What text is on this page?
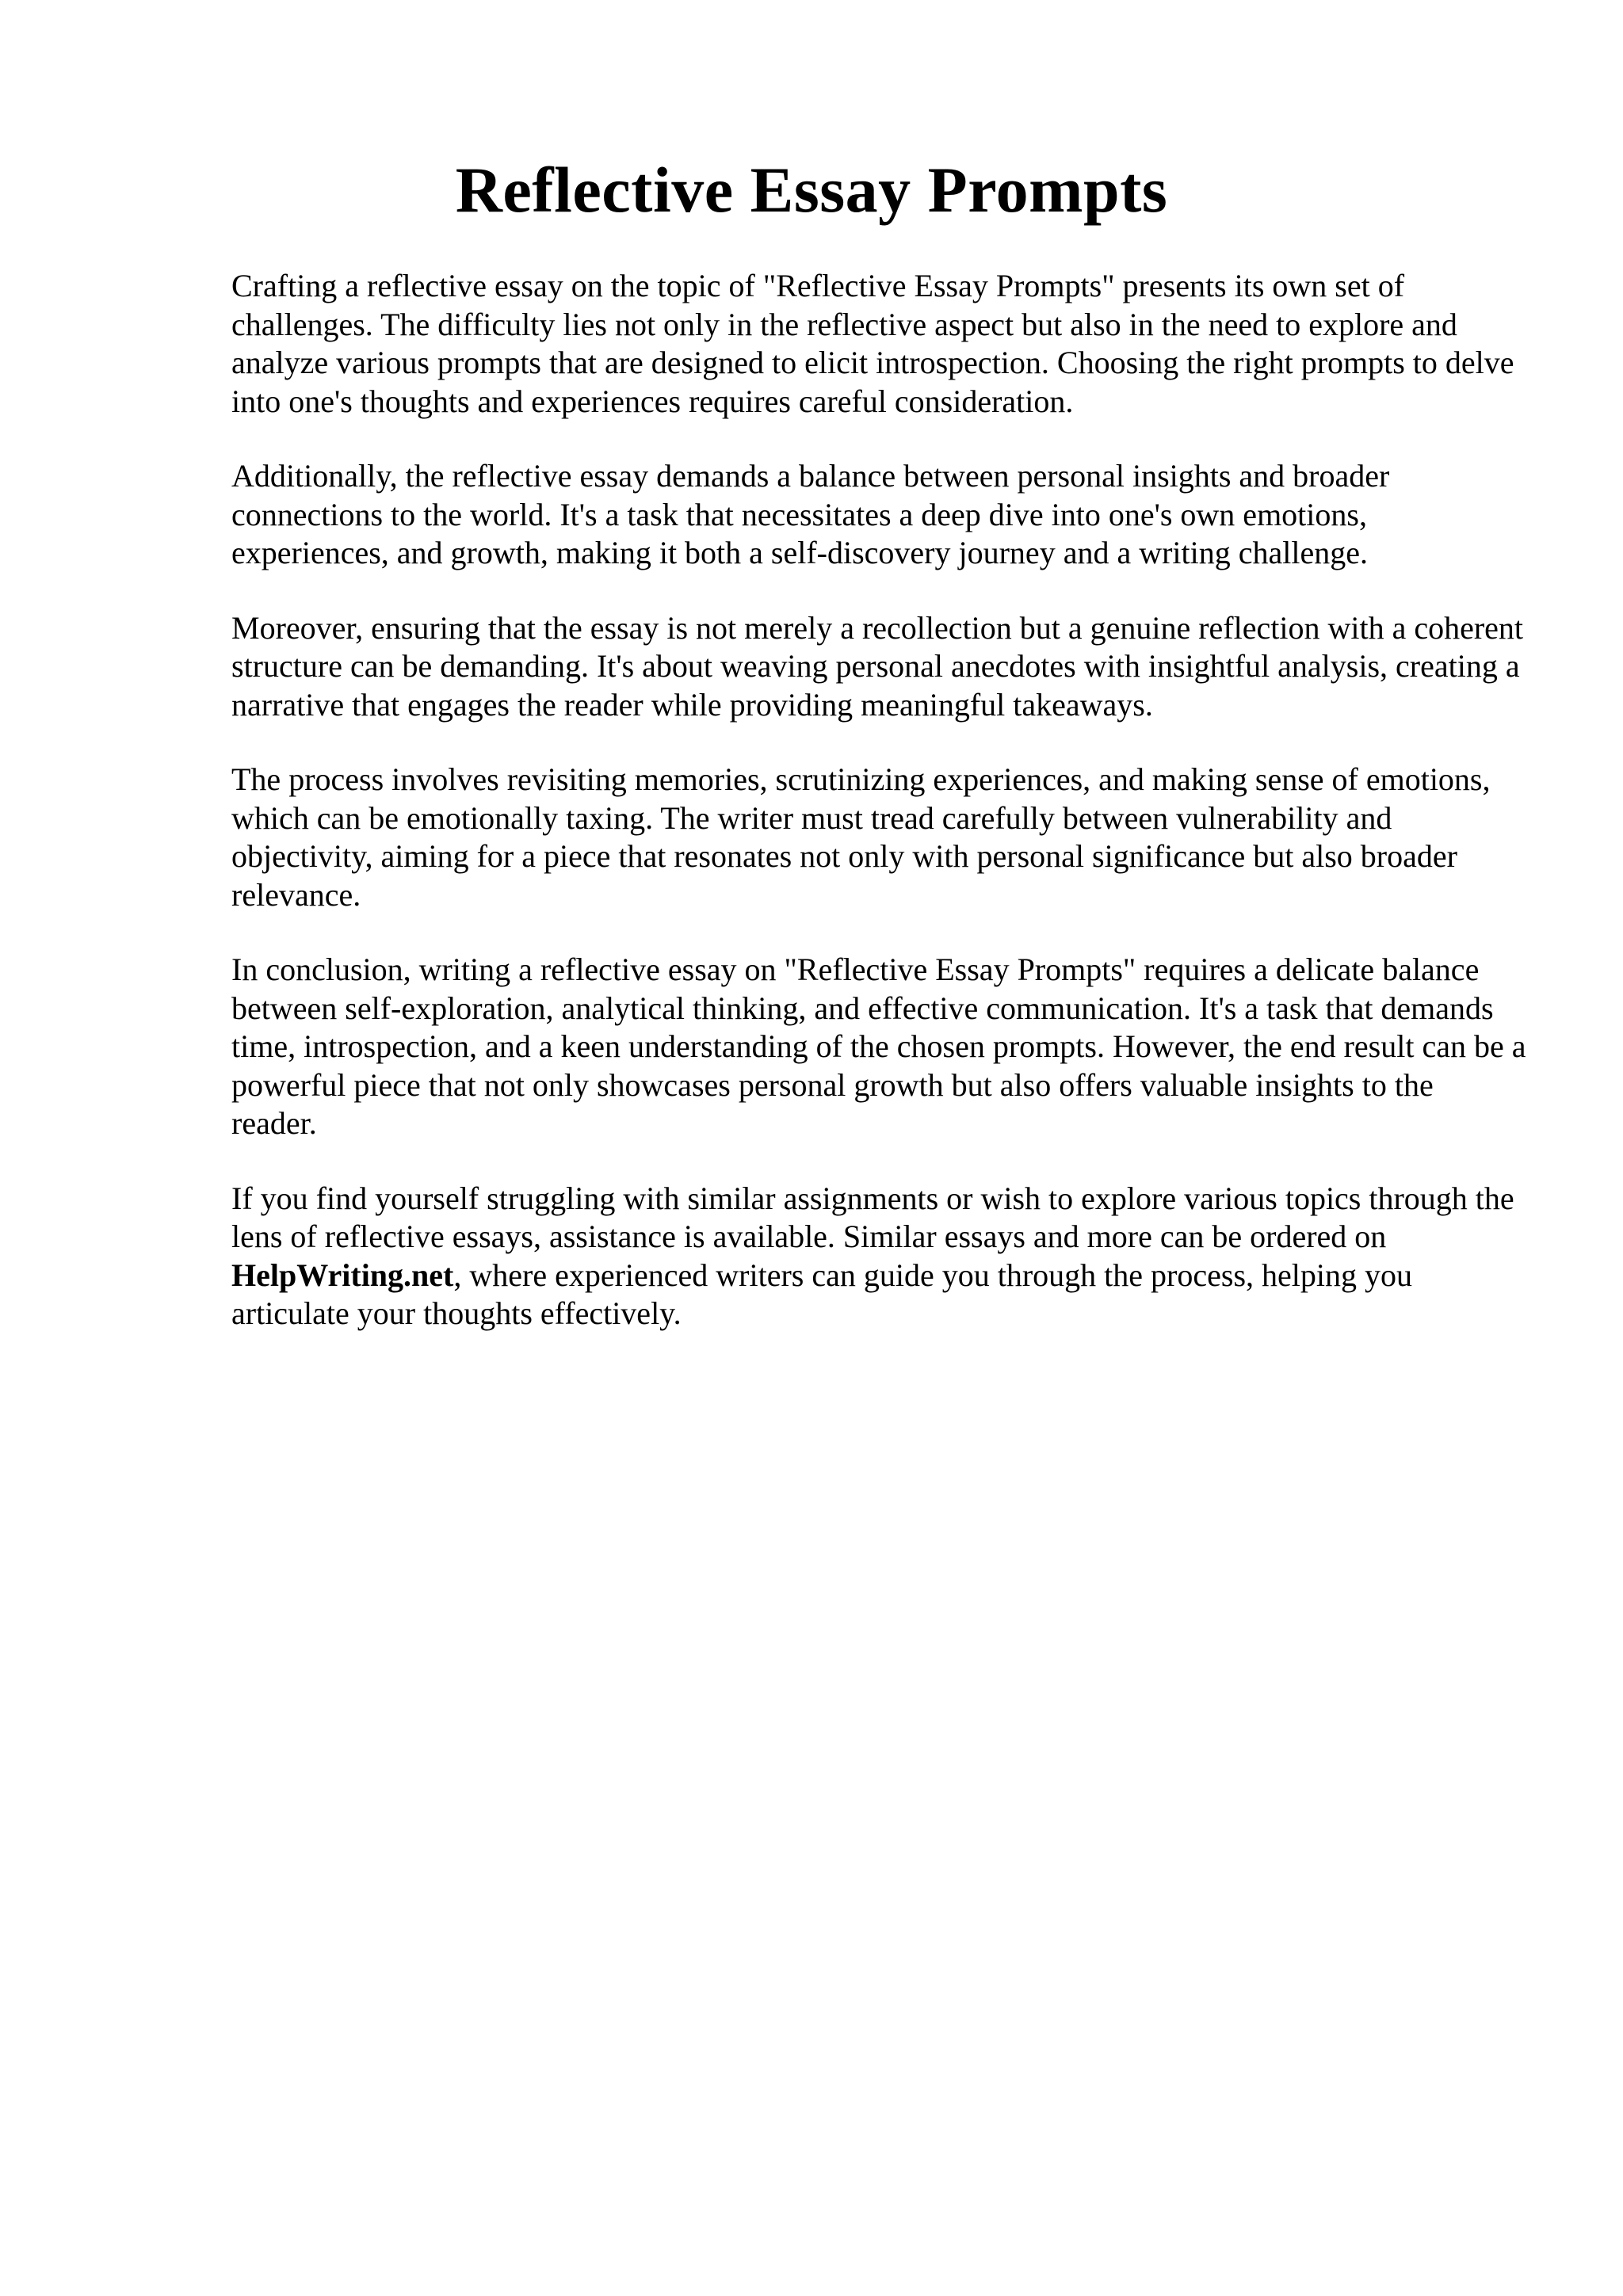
Reflective Essay Prompts

Crafting a reflective essay on the topic of "Reflective Essay Prompts" presents its own set of challenges. The difficulty lies not only in the reflective aspect but also in the need to explore and analyze various prompts that are designed to elicit introspection. Choosing the right prompts to delve into one's thoughts and experiences requires careful consideration.

Additionally, the reflective essay demands a balance between personal insights and broader connections to the world. It's a task that necessitates a deep dive into one's own emotions, experiences, and growth, making it both a self-discovery journey and a writing challenge.

Moreover, ensuring that the essay is not merely a recollection but a genuine reflection with a coherent structure can be demanding. It's about weaving personal anecdotes with insightful analysis, creating a narrative that engages the reader while providing meaningful takeaways.

The process involves revisiting memories, scrutinizing experiences, and making sense of emotions, which can be emotionally taxing. The writer must tread carefully between vulnerability and objectivity, aiming for a piece that resonates not only with personal significance but also broader relevance.

In conclusion, writing a reflective essay on "Reflective Essay Prompts" requires a delicate balance between self-exploration, analytical thinking, and effective communication. It's a task that demands time, introspection, and a keen understanding of the chosen prompts. However, the end result can be a powerful piece that not only showcases personal growth but also offers valuable insights to the reader.

If you find yourself struggling with similar assignments or wish to explore various topics through the lens of reflective essays, assistance is available. Similar essays and more can be ordered on HelpWriting.net, where experienced writers can guide you through the process, helping you articulate your thoughts effectively.
